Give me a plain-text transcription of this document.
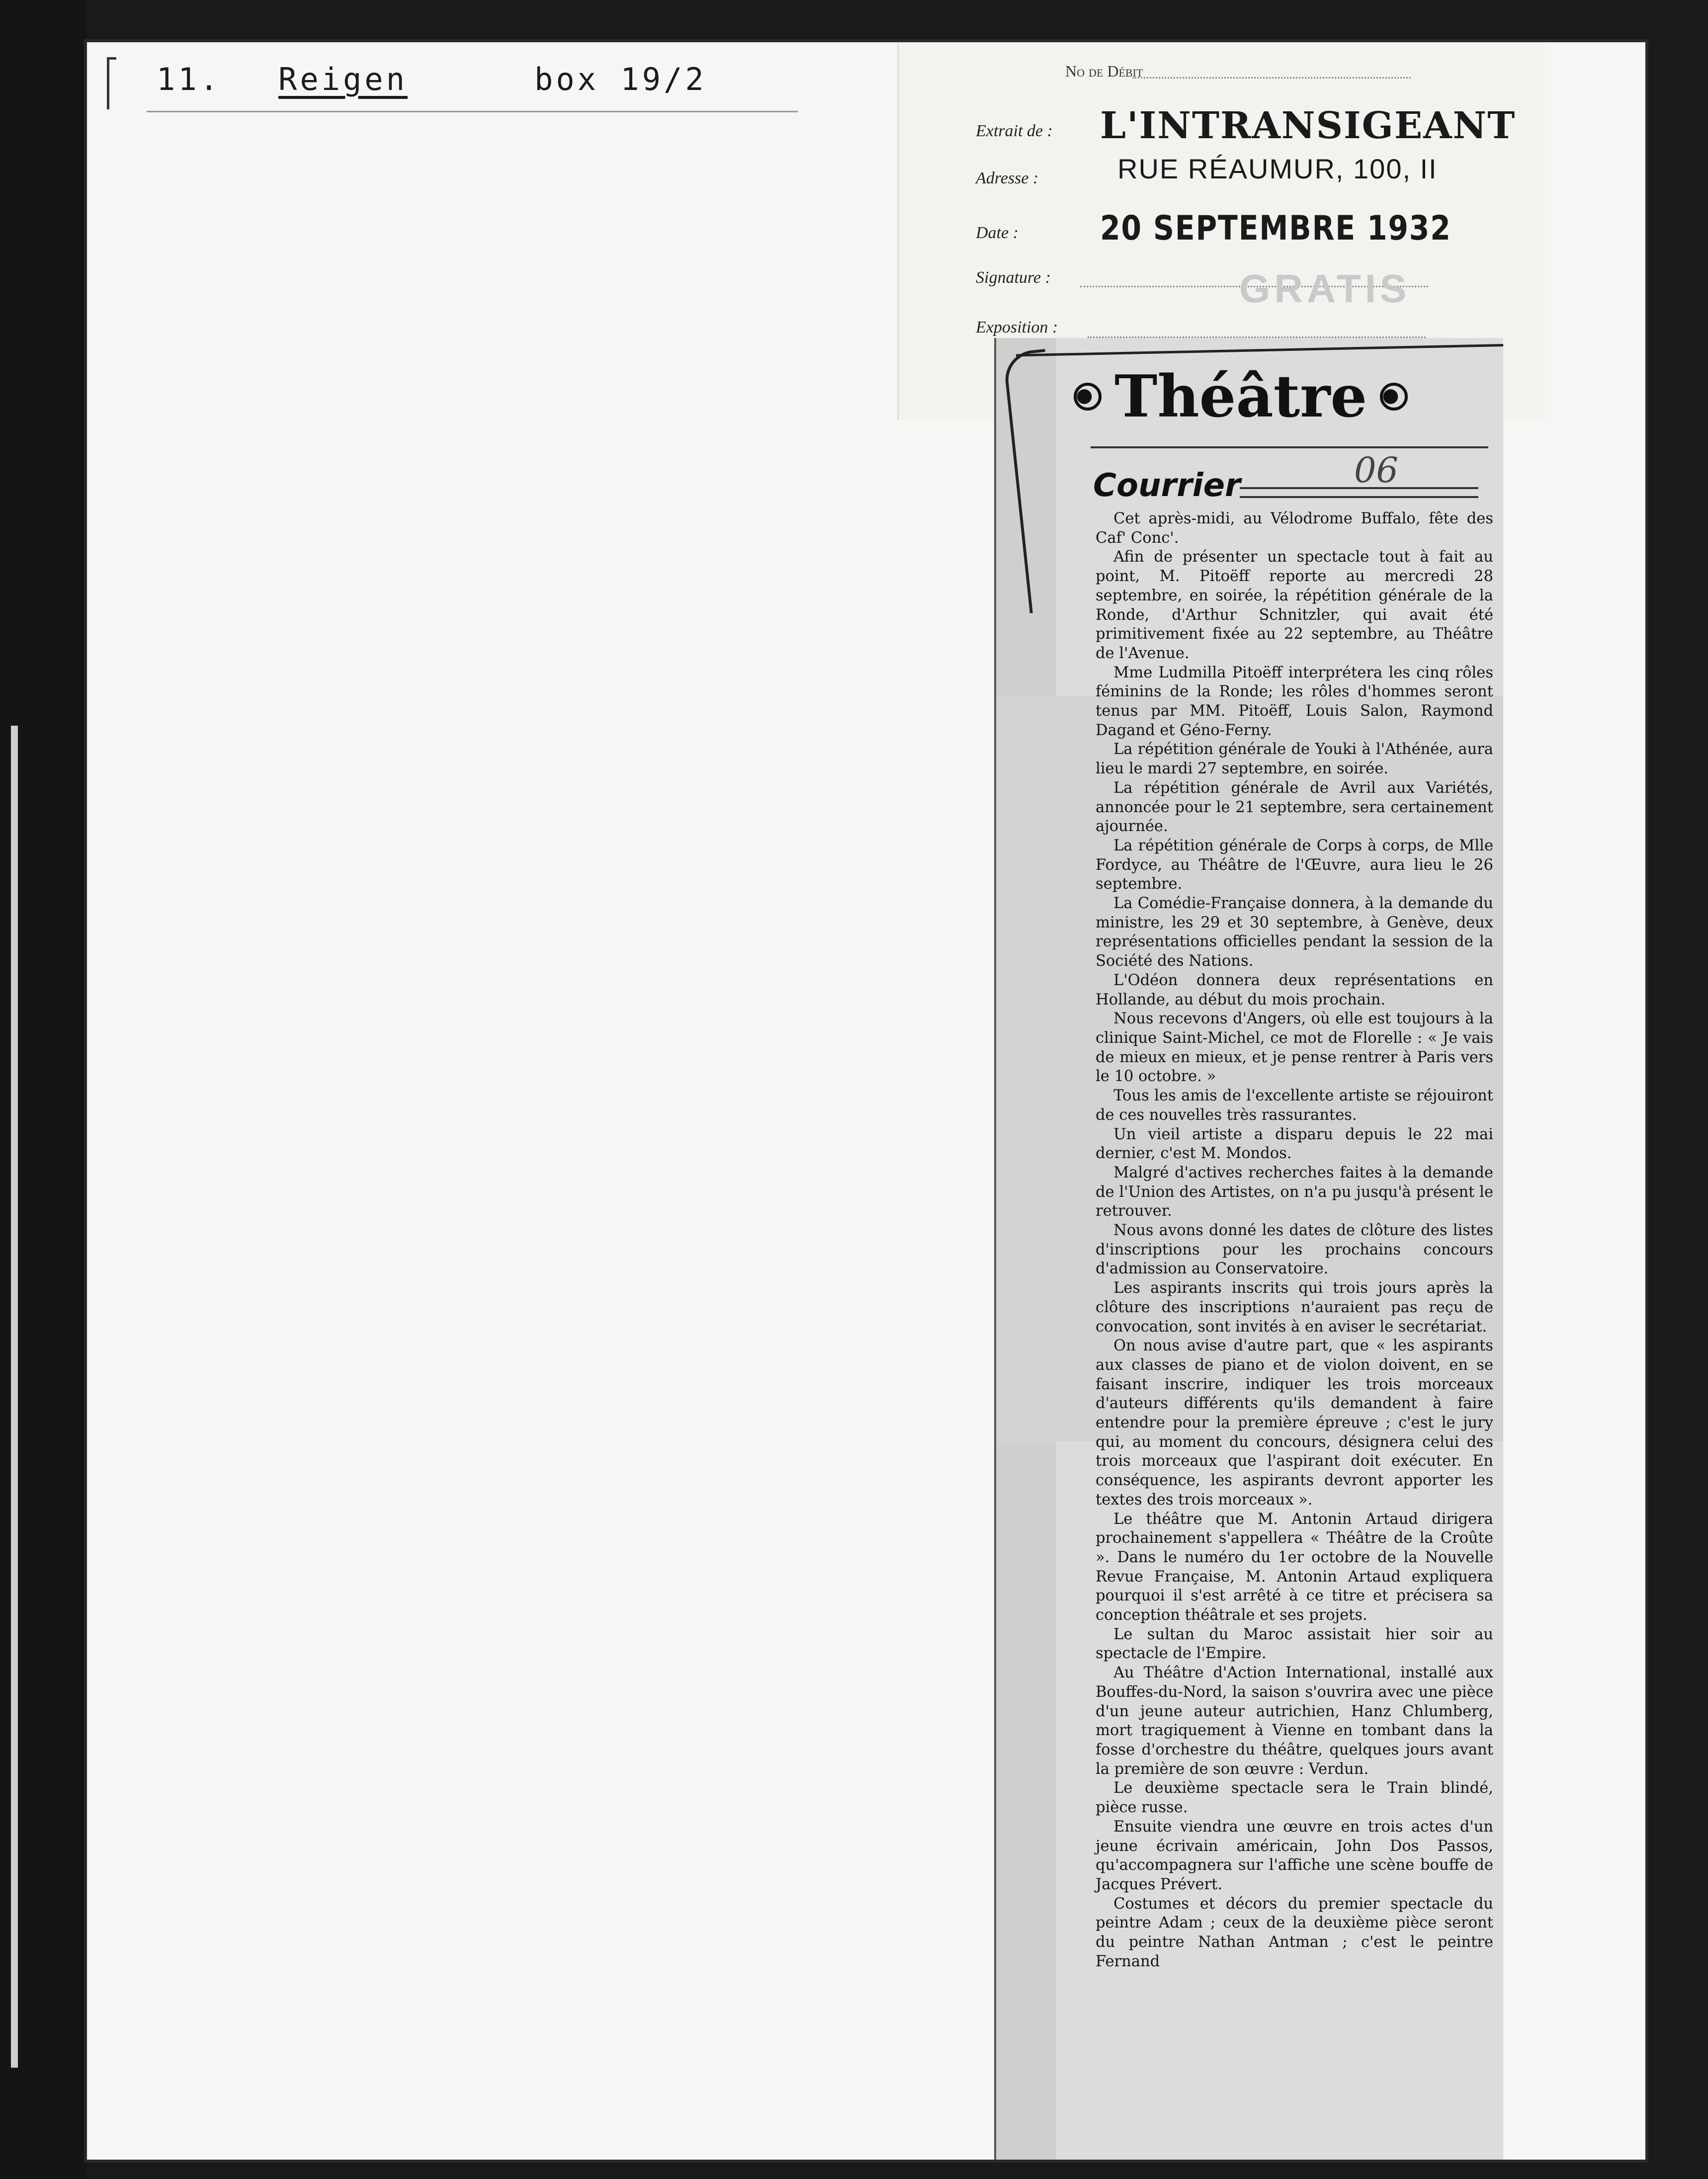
11. Reigen	box 19/2	No de Débit
Extrait de : L'INTRANSIGEANT
Adresse :	RUE RÉAUMUR, 100, II
Date : 20 SEPTEMBRE 1932
Signature :	GRATIS
Exposition :
Théâtre
06
Courrier

Cet après-midi, au Vélodrome Buffalo, fête des Caf' Conc'.

Afin de présenter un spectacle tout à fait au point, M. Pitoëff reporte au mercredi 28 septembre, en soirée, la répétition générale de la Ronde, d'Arthur Schnitzler, qui avait été primitivement fixée au 22 septembre, au Théâtre de l'Avenue.

Mme Ludmilla Pitoëff interprétera les cinq rôles féminins de la Ronde; les rôles d'hommes seront tenus par MM. Pitoëff, Louis Salon, Raymond Dagand et Géno-Ferny.

La répétition générale de Youki à l'Athénée, aura lieu le mardi 27 septembre, en soirée.

La répétition générale de Avril aux Variétés, annoncée pour le 21 septembre, sera certainement ajournée.

La répétition générale de Corps à corps, de Mlle Fordyce, au Théâtre de l'Œuvre, aura lieu le 26 septembre.

La Comédie-Française donnera, à la demande du ministre, les 29 et 30 septembre, à Genève, deux représentations officielles pendant la session de la Société des Nations.

L'Odéon donnera deux représentations en Hollande, au début du mois prochain.

Nous recevons d'Angers, où elle est toujours à la clinique Saint-Michel, ce mot de Florelle : « Je vais de mieux en mieux, et je pense rentrer à Paris vers le 10 octobre. »

Tous les amis de l'excellente artiste se réjouiront de ces nouvelles très rassurantes.

Un vieil artiste a disparu depuis le 22 mai dernier, c'est M. Mondos.

Malgré d'actives recherches faites à la demande de l'Union des Artistes, on n'a pu jusqu'à présent le retrouver.

Nous avons donné les dates de clôture des listes d'inscriptions pour les prochains concours d'admission au Conservatoire.

Les aspirants inscrits qui trois jours après la clôture des inscriptions n'auraient pas reçu de convocation, sont invités à en aviser le secrétariat.

On nous avise d'autre part, que « les aspirants aux classes de piano et de violon doivent, en se faisant inscrire, indiquer les trois morceaux d'auteurs différents qu'ils demandent à faire entendre pour la première épreuve ; c'est le jury qui, au moment du concours, désignera celui des trois morceaux que l'aspirant doit exécuter. En conséquence, les aspirants devront apporter les textes des trois morceaux ».

Le théâtre que M. Antonin Artaud dirigera prochainement s'appellera « Théâtre de la Croûte ». Dans le numéro du 1er octobre de la Nouvelle Revue Française, M. Antonin Artaud expliquera pourquoi il s'est arrêté à ce titre et précisera sa conception théâtrale et ses projets.

Le sultan du Maroc assistait hier soir au spectacle de l'Empire.

Au Théâtre d'Action International, installé aux Bouffes-du-Nord, la saison s'ouvrira avec une pièce d'un jeune auteur autrichien, Hanz Chlumberg, mort tragiquement à Vienne en tombant dans la fosse d'orchestre du théâtre, quelques jours avant la première de son œuvre : Verdun.

Le deuxième spectacle sera le Train blindé, pièce russe.

Ensuite viendra une œuvre en trois actes d'un jeune écrivain américain, John Dos Passos, qu'accompagnera sur l'affiche une scène bouffe de Jacques Prévert.

Costumes et décors du premier spectacle du peintre Adam ; ceux de la deuxième pièce seront du peintre Nathan Antman ; c'est le peintre Fernand
